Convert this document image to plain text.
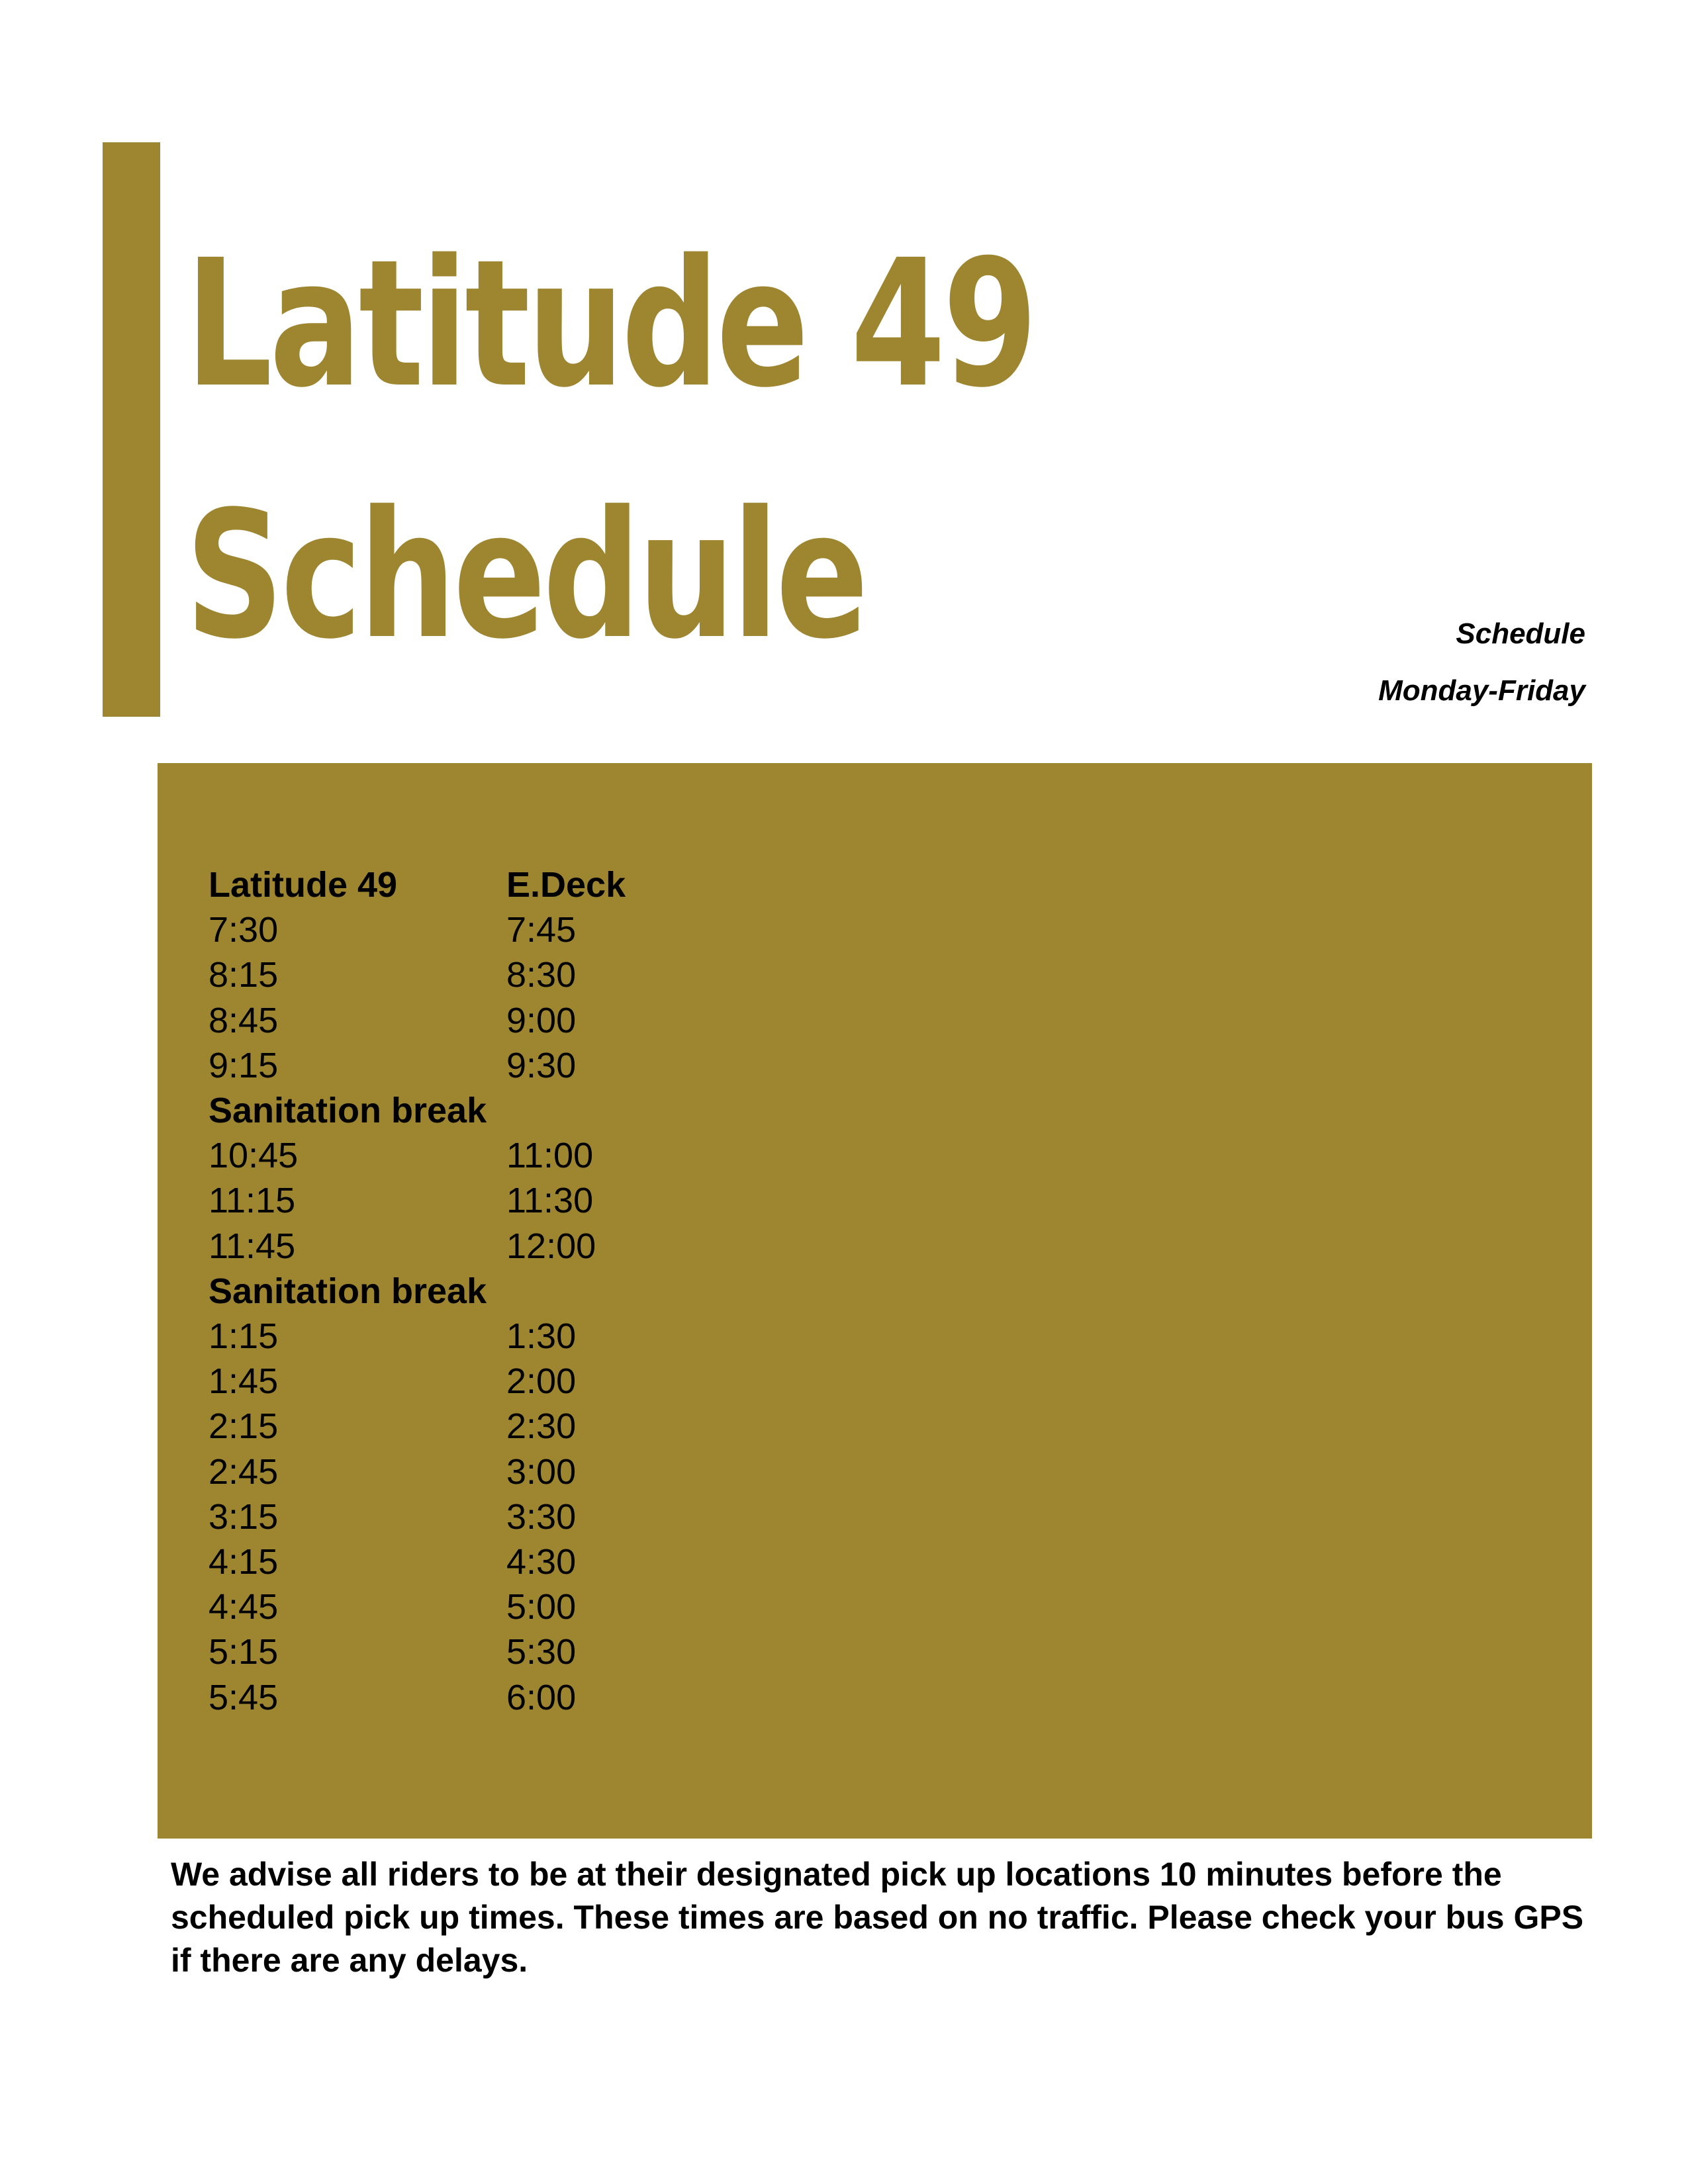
Latitude 49
Schedule	Schedule
Monday-Friday
Latitude 49	E.Deck
7:30	7:45
8:15	8:30
8:45	9:00
9:15	9:30
Sanitation break	
10:45	11:00
11:15	11:30
11:45	12:00
Sanitation break	
1:15	1:30
1:45	2:00
2:15	2:30
2:45	3:00
3:15	3:30
4:15	4:30
4:45	5:00
5:15	5:30
5:45	6:00

We advise all riders to be at their designated pick up locations 10 minutes before the scheduled pick up times. These times are based on no traffic. Please check your bus GPS if there are any delays.
